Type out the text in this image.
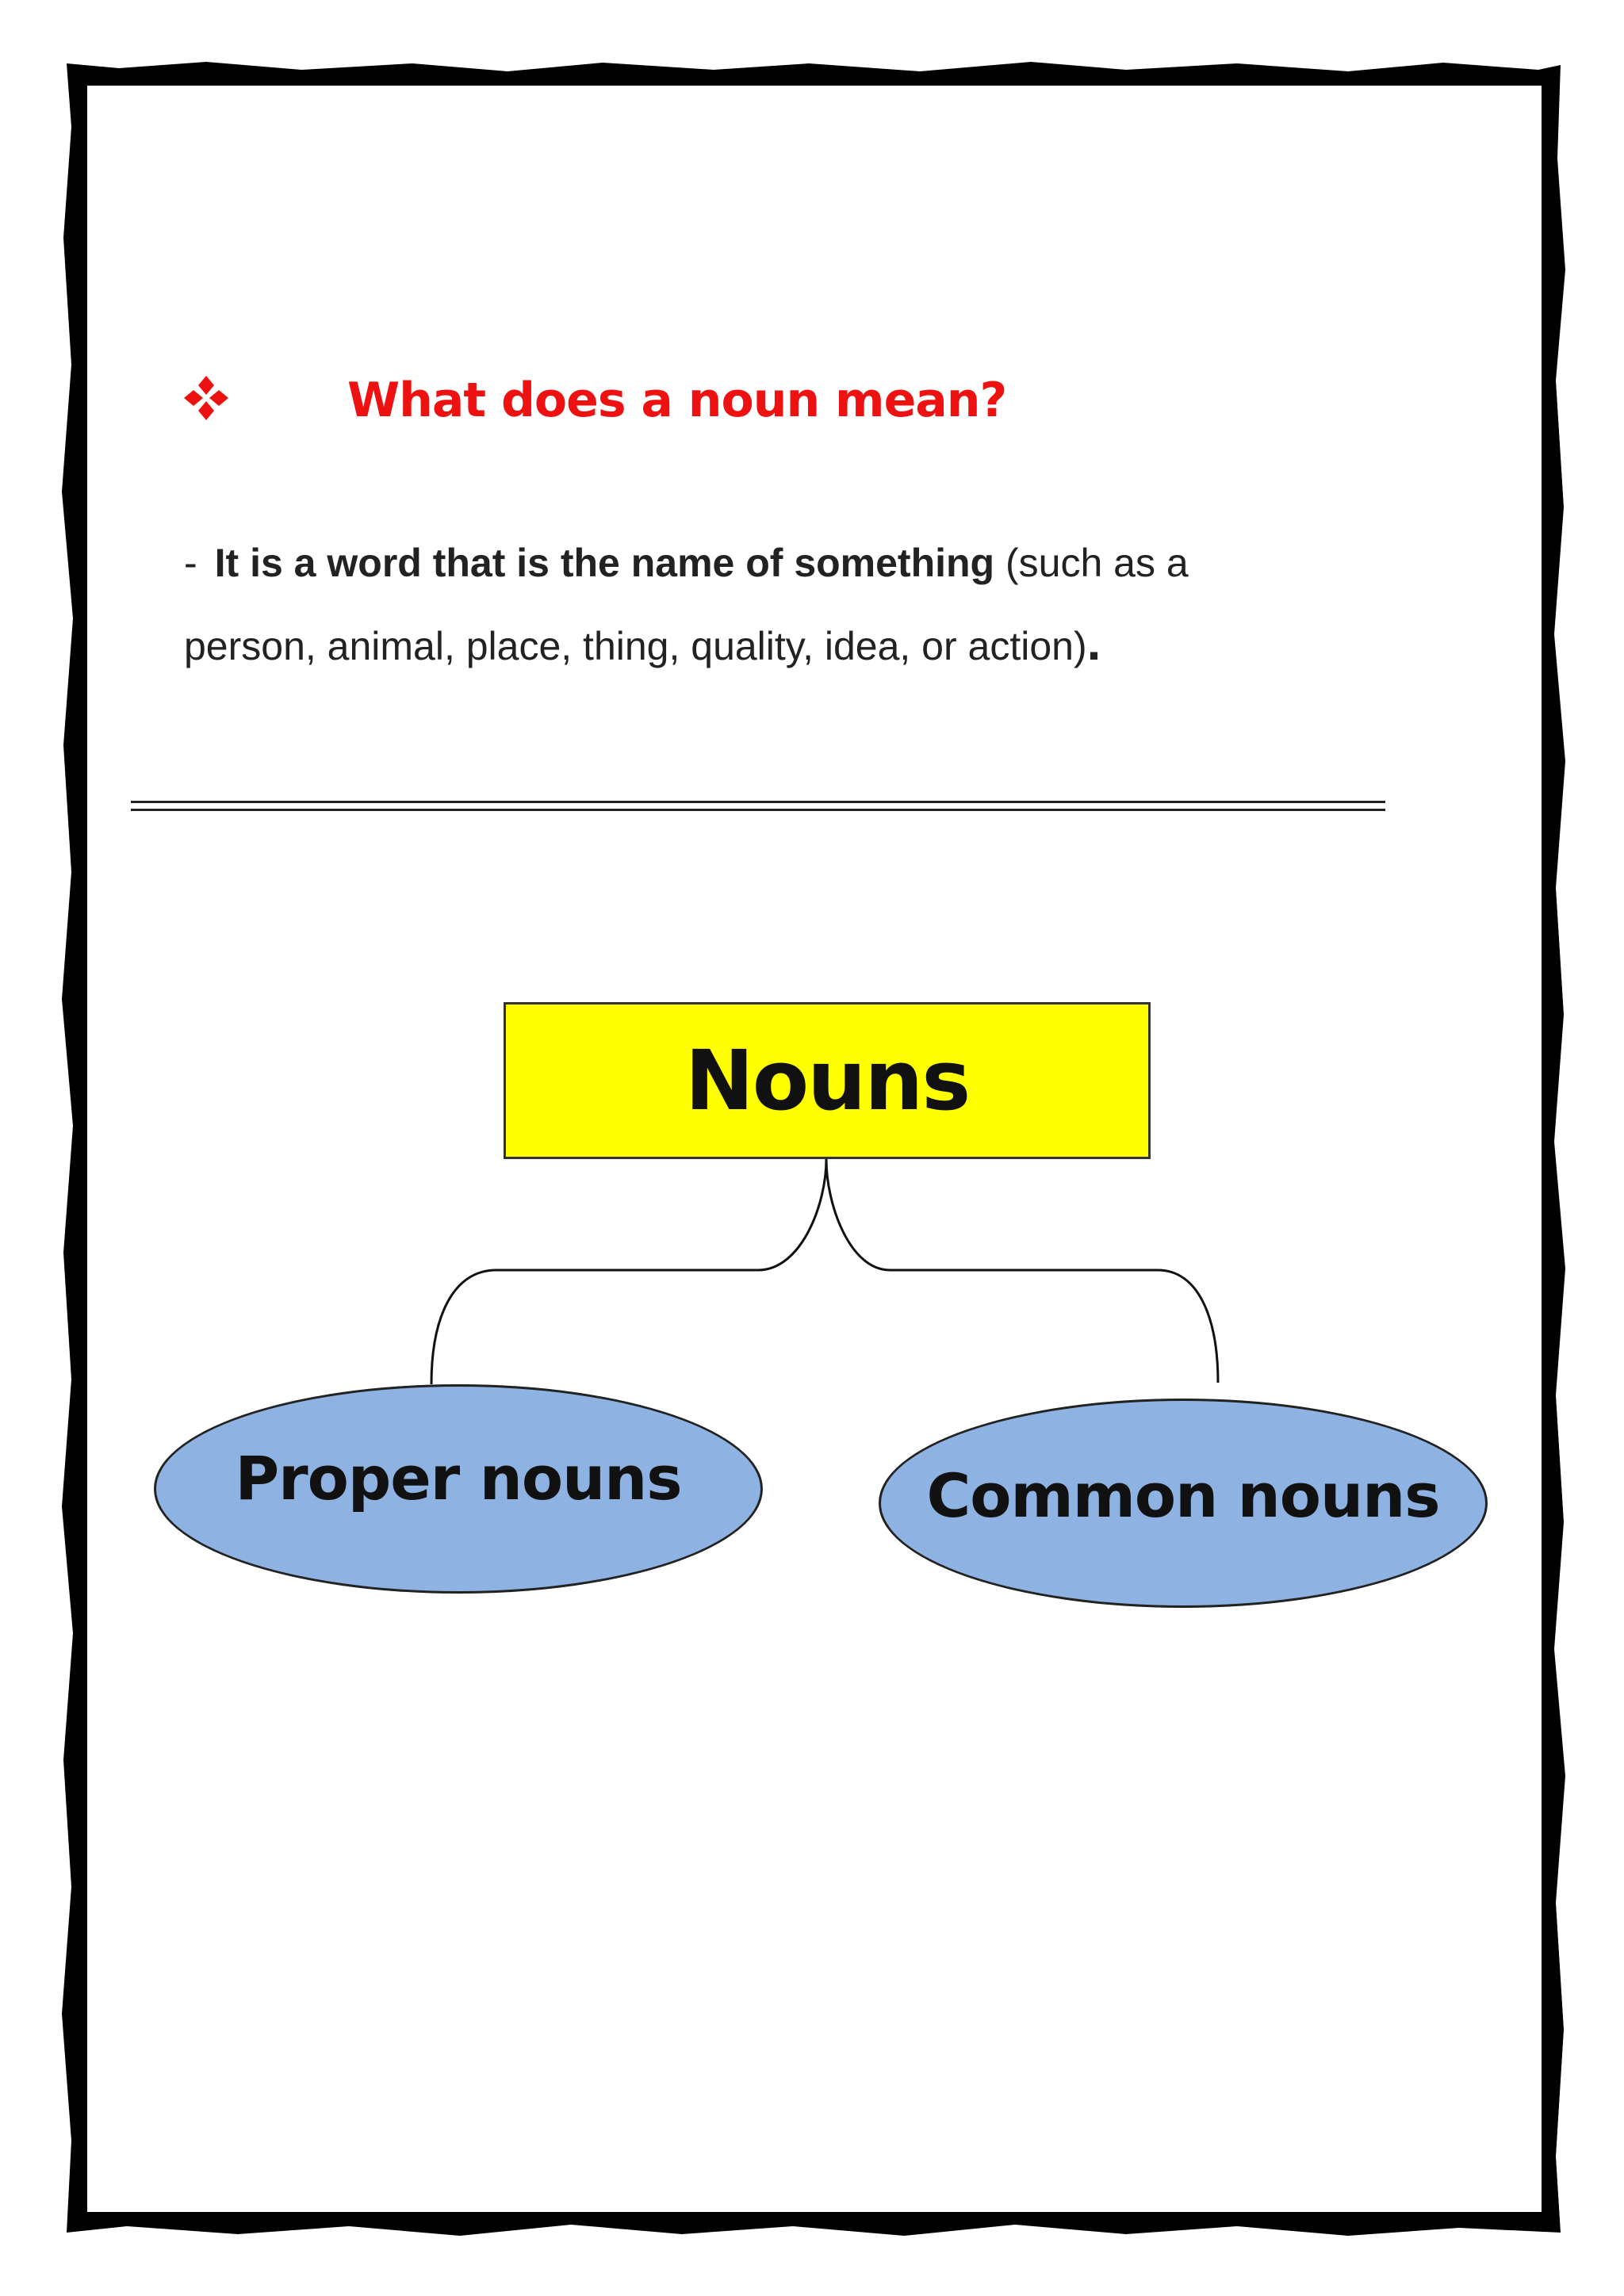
What does a noun mean?

- It is a word that is the name of something (such as a
person, animal, place, thing, quality, idea, or action).

Nouns
Proper nouns	Common nouns
